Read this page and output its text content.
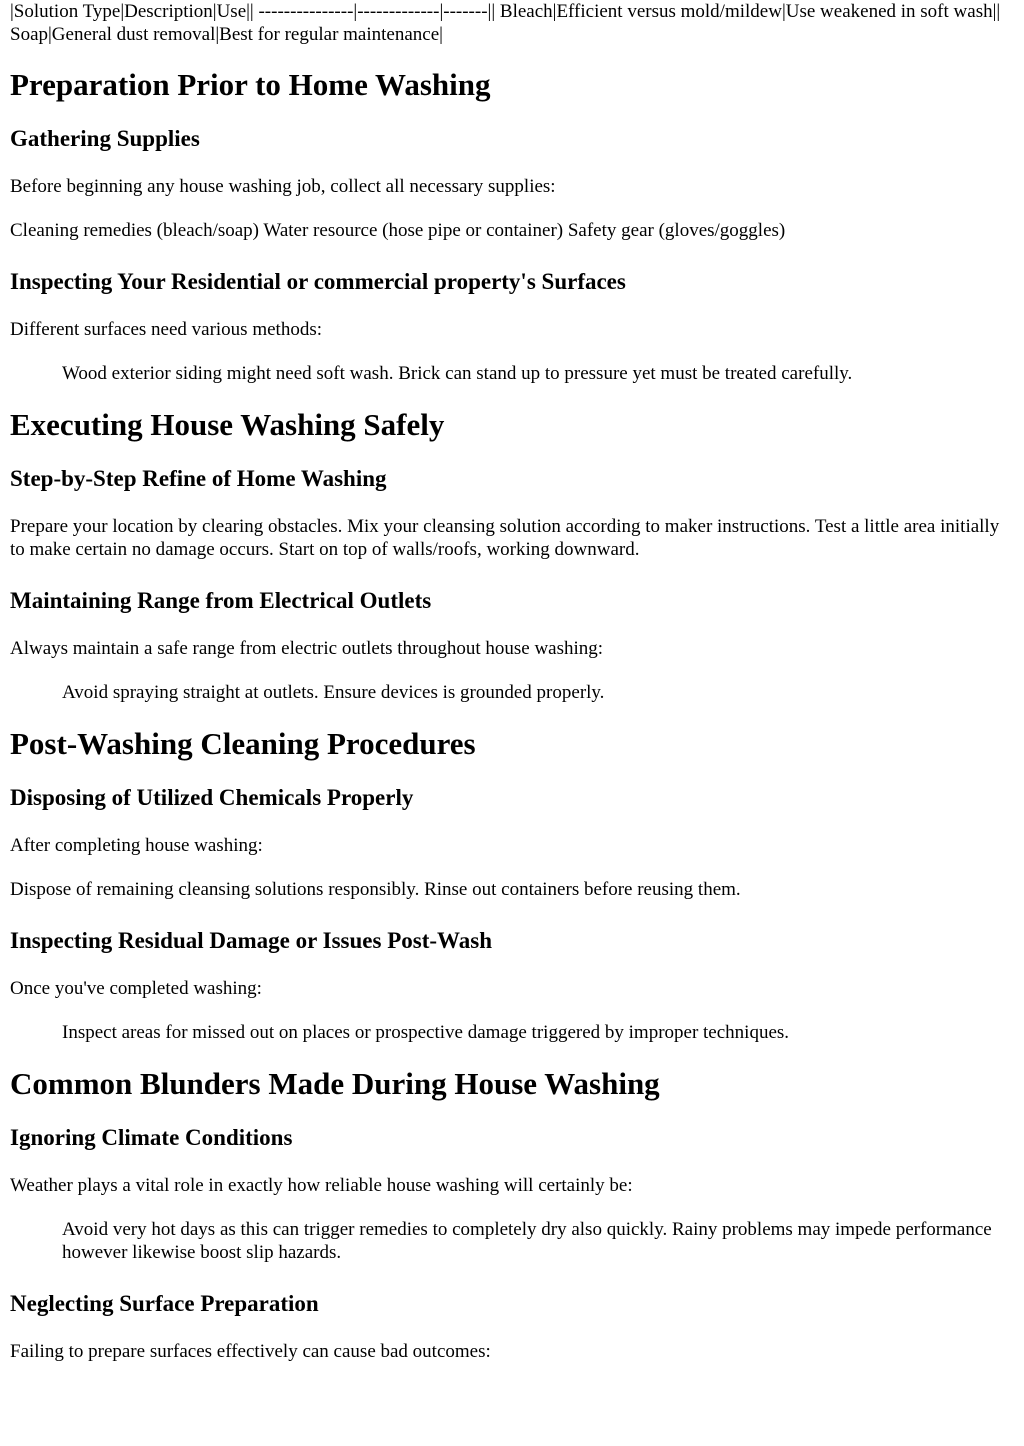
|Solution Type|Description|Use|| ---------------|-------------|-------|| Bleach|Efficient versus mold/mildew|Use weakened in soft wash|| Soap|General dust removal|Best for regular maintenance|

Preparation Prior to Home Washing
Gathering Supplies

Before beginning any house washing job, collect all necessary supplies:

Cleaning remedies (bleach/soap) Water resource (hose pipe or container) Safety gear (gloves/goggles)

Inspecting Your Residential or commercial property's Surfaces

Different surfaces need various methods:

Wood exterior siding might need soft wash. Brick can stand up to pressure yet must be treated carefully.
Executing House Washing Safely
Step-by-Step Refine of Home Washing

Prepare your location by clearing obstacles. Mix your cleansing solution according to maker instructions. Test a little area initially to make certain no damage occurs. Start on top of walls/roofs, working downward.

Maintaining Range from Electrical Outlets

Always maintain a safe range from electric outlets throughout house washing:

Avoid spraying straight at outlets. Ensure devices is grounded properly.
Post-Washing Cleaning Procedures
Disposing of Utilized Chemicals Properly

After completing house washing:

Dispose of remaining cleansing solutions responsibly. Rinse out containers before reusing them.

Inspecting Residual Damage or Issues Post-Wash

Once you've completed washing:

Inspect areas for missed out on places or prospective damage triggered by improper techniques.
Common Blunders Made During House Washing
Ignoring Climate Conditions

Weather plays a vital role in exactly how reliable house washing will certainly be:

Avoid very hot days as this can trigger remedies to completely dry also quickly. Rainy problems may impede performance however likewise boost slip hazards.
Neglecting Surface Preparation

Failing to prepare surfaces effectively can cause bad outcomes:
